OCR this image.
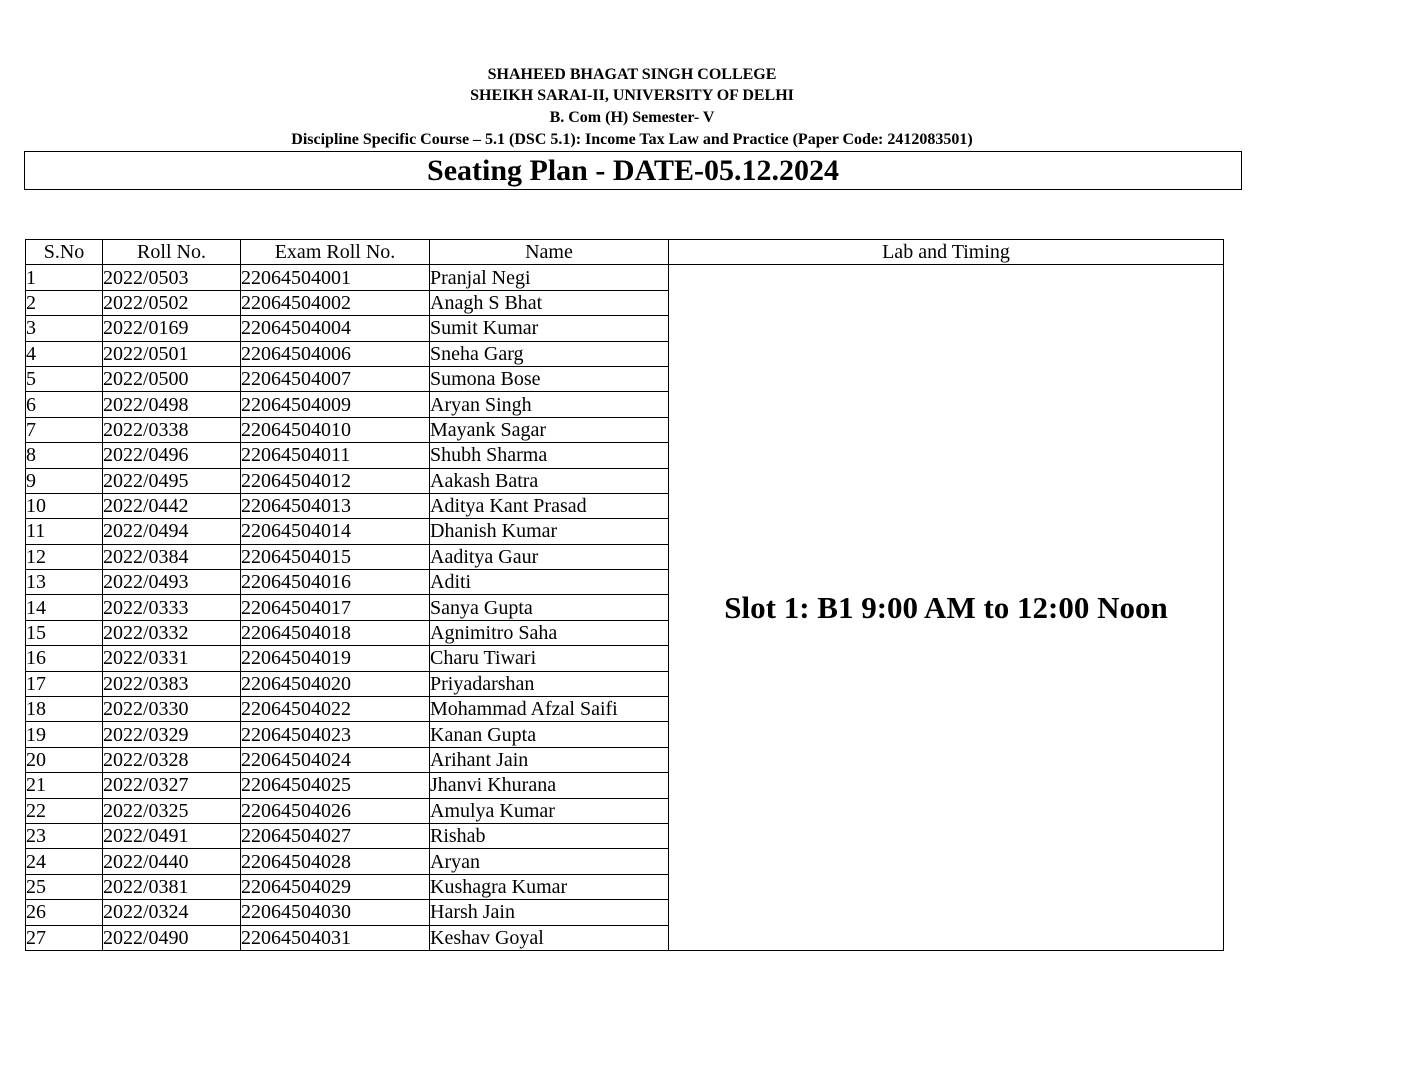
SHAHEED BHAGAT SINGH COLLEGE
SHEIKH SARAI-II, UNIVERSITY OF DELHI
B. Com (H) Semester- V
Discipline Specific Course – 5.1 (DSC 5.1): Income Tax Law and Practice (Paper Code: 2412083501)
Seating Plan - DATE-05.12.2024
S.No	Roll No.	Exam Roll No.	Name	Lab and Timing
1	2022/0503	22064504001	Pranjal Negi	Slot 1: B1 9:00 AM to 12:00 Noon
2	2022/0502	22064504002	Anagh S Bhat	
3	2022/0169	22064504004	Sumit Kumar	
4	2022/0501	22064504006	Sneha Garg	
5	2022/0500	22064504007	Sumona Bose	
6	2022/0498	22064504009	Aryan Singh	
7	2022/0338	22064504010	Mayank Sagar	
8	2022/0496	22064504011	Shubh Sharma	
9	2022/0495	22064504012	Aakash Batra	
10	2022/0442	22064504013	Aditya Kant Prasad	
11	2022/0494	22064504014	Dhanish Kumar	
12	2022/0384	22064504015	Aaditya Gaur	
13	2022/0493	22064504016	Aditi	
14	2022/0333	22064504017	Sanya Gupta	
15	2022/0332	22064504018	Agnimitro Saha	
16	2022/0331	22064504019	Charu Tiwari	
17	2022/0383	22064504020	Priyadarshan	
18	2022/0330	22064504022	Mohammad Afzal Saifi	
19	2022/0329	22064504023	Kanan Gupta	
20	2022/0328	22064504024	Arihant Jain	
21	2022/0327	22064504025	Jhanvi Khurana	
22	2022/0325	22064504026	Amulya Kumar	
23	2022/0491	22064504027	Rishab	
24	2022/0440	22064504028	Aryan	
25	2022/0381	22064504029	Kushagra Kumar	
26	2022/0324	22064504030	Harsh Jain	
27	2022/0490	22064504031	Keshav Goyal	
